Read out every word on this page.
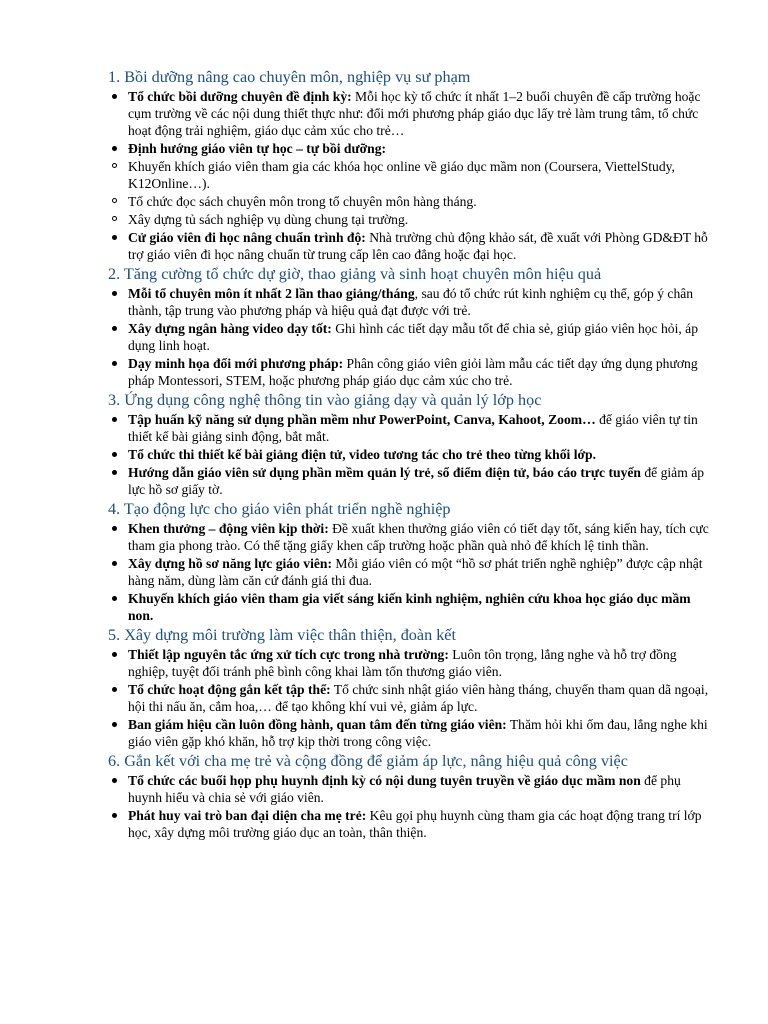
1. Bồi dưỡng nâng cao chuyên môn, nghiệp vụ sư phạm
Tổ chức bồi dưỡng chuyên đề định kỳ: Mỗi học kỳ tổ chức ít nhất 1–2 buổi chuyên đề cấp trường hoặc cụm trường về các nội dung thiết thực như: đổi mới phương pháp giáo dục lấy trẻ làm trung tâm, tổ chức hoạt động trải nghiệm, giáo dục cảm xúc cho trẻ…
Định hướng giáo viên tự học – tự bồi dưỡng:
Khuyến khích giáo viên tham gia các khóa học online về giáo dục mầm non (Coursera, ViettelStudy, K12Online…).
Tổ chức đọc sách chuyên môn trong tổ chuyên môn hàng tháng.
Xây dựng tủ sách nghiệp vụ dùng chung tại trường.
Cử giáo viên đi học nâng chuẩn trình độ: Nhà trường chủ động khảo sát, đề xuất với Phòng GD&ĐT hỗ trợ giáo viên đi học nâng chuẩn từ trung cấp lên cao đẳng hoặc đại học.
2. Tăng cường tổ chức dự giờ, thao giảng và sinh hoạt chuyên môn hiệu quả
Mỗi tổ chuyên môn ít nhất 2 lần thao giảng/tháng, sau đó tổ chức rút kinh nghiệm cụ thể, góp ý chân thành, tập trung vào phương pháp và hiệu quả đạt được với trẻ.
Xây dựng ngân hàng video dạy tốt: Ghi hình các tiết dạy mẫu tốt để chia sẻ, giúp giáo viên học hỏi, áp dụng linh hoạt.
Dạy minh họa đổi mới phương pháp: Phân công giáo viên giỏi làm mẫu các tiết dạy ứng dụng phương pháp Montessori, STEM, hoặc phương pháp giáo dục cảm xúc cho trẻ.
3. Ứng dụng công nghệ thông tin vào giảng dạy và quản lý lớp học
Tập huấn kỹ năng sử dụng phần mềm như PowerPoint, Canva, Kahoot, Zoom… để giáo viên tự tin thiết kế bài giảng sinh động, bắt mắt.
Tổ chức thi thiết kế bài giảng điện tử, video tương tác cho trẻ theo từng khối lớp.
Hướng dẫn giáo viên sử dụng phần mềm quản lý trẻ, sổ điểm điện tử, báo cáo trực tuyến để giảm áp lực hồ sơ giấy tờ.
4. Tạo động lực cho giáo viên phát triển nghề nghiệp
Khen thưởng – động viên kịp thời: Đề xuất khen thưởng giáo viên có tiết dạy tốt, sáng kiến hay, tích cực tham gia phong trào. Có thể tặng giấy khen cấp trường hoặc phần quà nhỏ để khích lệ tinh thần.
Xây dựng hồ sơ năng lực giáo viên: Mỗi giáo viên có một “hồ sơ phát triển nghề nghiệp” được cập nhật hàng năm, dùng làm căn cứ đánh giá thi đua.
Khuyến khích giáo viên tham gia viết sáng kiến kinh nghiệm, nghiên cứu khoa học giáo dục mầm non.
5. Xây dựng môi trường làm việc thân thiện, đoàn kết
Thiết lập nguyên tắc ứng xử tích cực trong nhà trường: Luôn tôn trọng, lắng nghe và hỗ trợ đồng nghiệp, tuyệt đối tránh phê bình công khai làm tổn thương giáo viên.
Tổ chức hoạt động gắn kết tập thể: Tổ chức sinh nhật giáo viên hàng tháng, chuyến tham quan dã ngoại, hội thi nấu ăn, cắm hoa,… để tạo không khí vui vẻ, giảm áp lực.
Ban giám hiệu cần luôn đồng hành, quan tâm đến từng giáo viên: Thăm hỏi khi ốm đau, lắng nghe khi giáo viên gặp khó khăn, hỗ trợ kịp thời trong công việc.
6. Gắn kết với cha mẹ trẻ và cộng đồng để giảm áp lực, nâng hiệu quả công việc
Tổ chức các buổi họp phụ huynh định kỳ có nội dung tuyên truyền về giáo dục mầm non để phụ huynh hiểu và chia sẻ với giáo viên.
Phát huy vai trò ban đại diện cha mẹ trẻ: Kêu gọi phụ huynh cùng tham gia các hoạt động trang trí lớp học, xây dựng môi trường giáo dục an toàn, thân thiện.
